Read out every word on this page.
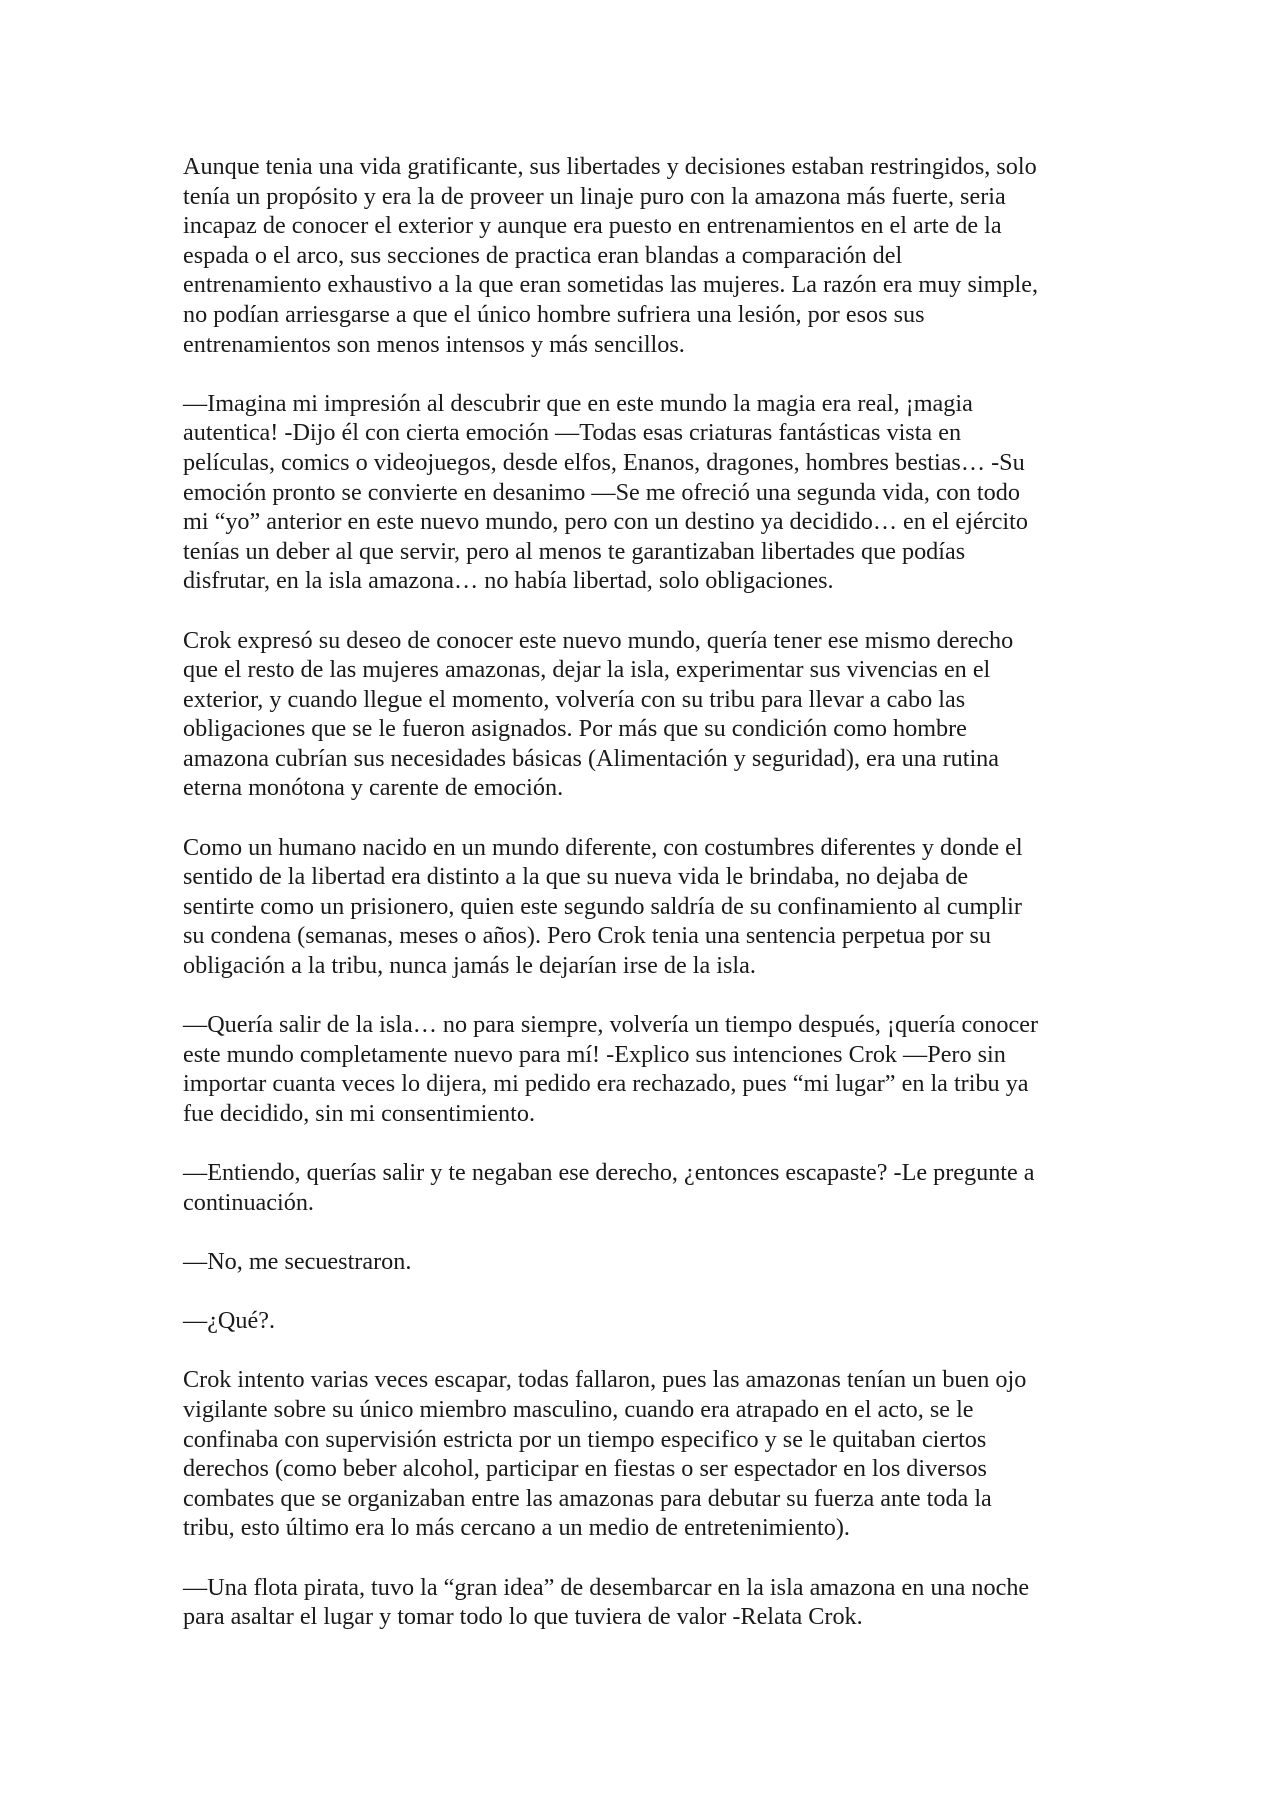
Aunque tenia una vida gratificante, sus libertades y decisiones estaban restringidos, solo
tenía un propósito y era la de proveer un linaje puro con la amazona más fuerte, seria
incapaz de conocer el exterior y aunque era puesto en entrenamientos en el arte de la
espada o el arco, sus secciones de practica eran blandas a comparación del
entrenamiento exhaustivo a la que eran sometidas las mujeres. La razón era muy simple,
no podían arriesgarse a que el único hombre sufriera una lesión, por esos sus
entrenamientos son menos intensos y más sencillos.

—Imagina mi impresión al descubrir que en este mundo la magia era real, ¡magia
autentica! -Dijo él con cierta emoción —Todas esas criaturas fantásticas vista en
películas, comics o videojuegos, desde elfos, Enanos, dragones, hombres bestias… -Su
emoción pronto se convierte en desanimo —Se me ofreció una segunda vida, con todo
mi “yo” anterior en este nuevo mundo, pero con un destino ya decidido… en el ejército
tenías un deber al que servir, pero al menos te garantizaban libertades que podías
disfrutar, en la isla amazona… no había libertad, solo obligaciones.

Crok expresó su deseo de conocer este nuevo mundo, quería tener ese mismo derecho
que el resto de las mujeres amazonas, dejar la isla, experimentar sus vivencias en el
exterior, y cuando llegue el momento, volvería con su tribu para llevar a cabo las
obligaciones que se le fueron asignados. Por más que su condición como hombre
amazona cubrían sus necesidades básicas (Alimentación y seguridad), era una rutina
eterna monótona y carente de emoción.

Como un humano nacido en un mundo diferente, con costumbres diferentes y donde el
sentido de la libertad era distinto a la que su nueva vida le brindaba, no dejaba de
sentirte como un prisionero, quien este segundo saldría de su confinamiento al cumplir
su condena (semanas, meses o años). Pero Crok tenia una sentencia perpetua por su
obligación a la tribu, nunca jamás le dejarían irse de la isla.

—Quería salir de la isla… no para siempre, volvería un tiempo después, ¡quería conocer
este mundo completamente nuevo para mí! -Explico sus intenciones Crok —Pero sin
importar cuanta veces lo dijera, mi pedido era rechazado, pues “mi lugar” en la tribu ya
fue decidido, sin mi consentimiento.

—Entiendo, querías salir y te negaban ese derecho, ¿entonces escapaste? -Le pregunte a
continuación.

—No, me secuestraron.

—¿Qué?.

Crok intento varias veces escapar, todas fallaron, pues las amazonas tenían un buen ojo
vigilante sobre su único miembro masculino, cuando era atrapado en el acto, se le
confinaba con supervisión estricta por un tiempo especifico y se le quitaban ciertos
derechos (como beber alcohol, participar en fiestas o ser espectador en los diversos
combates que se organizaban entre las amazonas para debutar su fuerza ante toda la
tribu, esto último era lo más cercano a un medio de entretenimiento).

—Una flota pirata, tuvo la “gran idea” de desembarcar en la isla amazona en una noche
para asaltar el lugar y tomar todo lo que tuviera de valor -Relata Crok.
